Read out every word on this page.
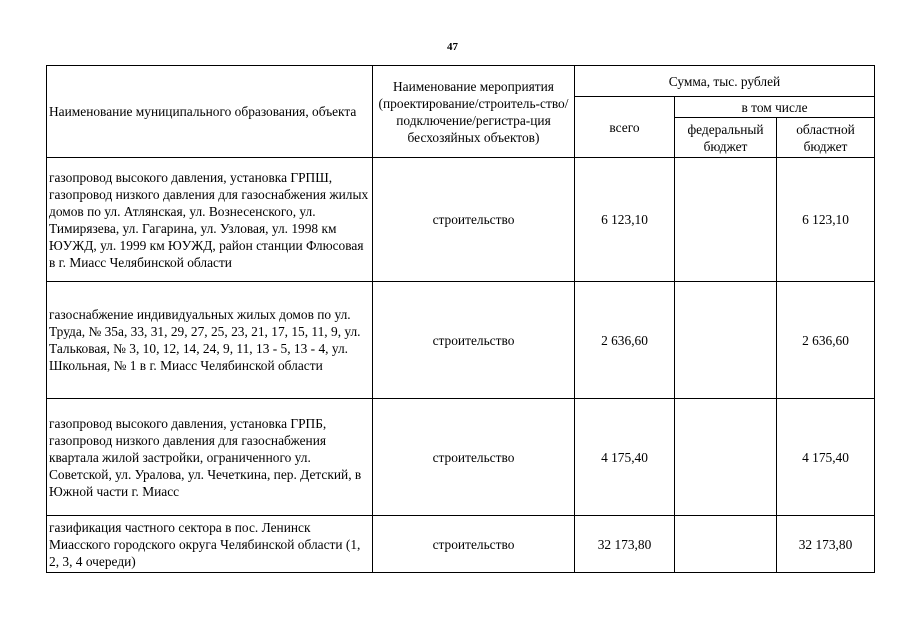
47
Наименование муниципального образования, объекта	Наименование мероприятия (проектирование/строитель-ство/подключение/регистра-ция бесхозяйных объектов)	Сумма, тыс. рублей		
		всего	в том числе	
			федеральный бюджет	областной бюджет
газопровод высокого давления, установка ГРПШ, газопровод низкого давления для газоснабжения жилых домов по ул. Атлянская, ул. Вознесенского, ул. Тимирязева, ул. Гагарина, ул. Узловая, ул. 1998 км ЮУЖД, ул. 1999 км ЮУЖД, район станции Флюсовая в г. Миасс Челябинской области	строительство	6 123,10		6 123,10
газоснабжение индивидуальных жилых домов по ул. Труда, № 35а, 33, 31, 29, 27, 25, 23, 21, 17, 15, 11, 9, ул. Тальковая, № 3, 10, 12, 14, 24, 9, 11, 13 - 5, 13 - 4, ул. Школьная, № 1 в г. Миасс Челябинской области	строительство	2 636,60		2 636,60
газопровод высокого давления, установка ГРПБ, газопровод низкого давления для газоснабжения квартала жилой застройки, ограниченного ул. Советской, ул. Уралова, ул. Чечеткина, пер. Детский, в Южной части г. Миасс	строительство	4 175,40		4 175,40
газификация частного сектора в пос. Ленинск Миасского городского округа Челябинской области (1, 2, 3, 4 очереди)	строительство	32 173,80		32 173,80
